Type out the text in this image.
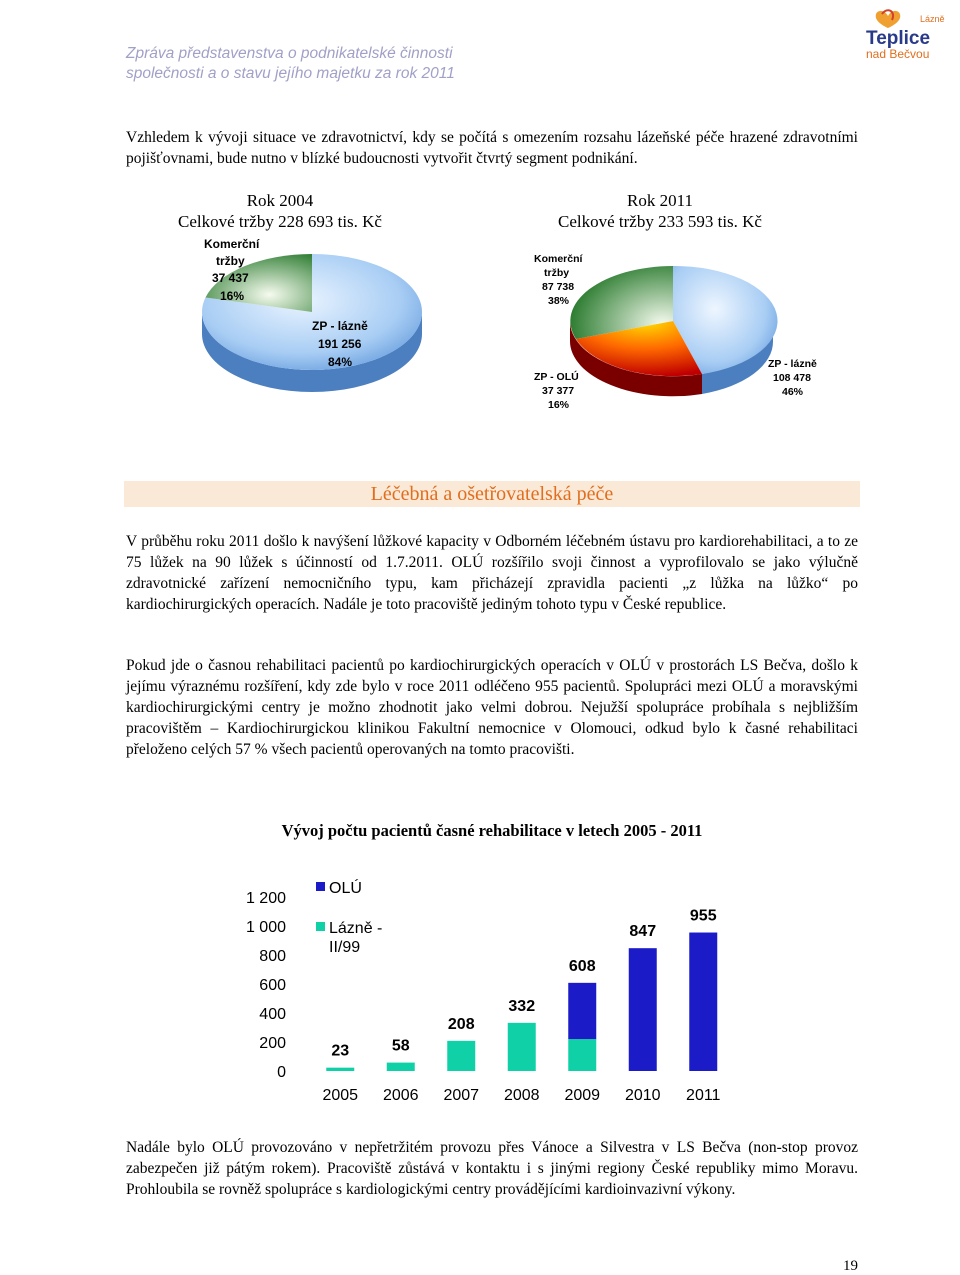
Zpráva představenstva o podnikatelské činnosti
společnosti a o stavu jejího majetku za rok 2011
Lázně
Teplice
nad Bečvou

Vzhledem k vývoji situace ve zdravotnictví, kdy se počítá s omezením rozsahu lázeňské péče hrazené zdravotními pojišťovnami, bude nutno v blízké budoucnosti vytvořit čtvrtý segment podnikání.

Rok 2004
Celkové tržby 228 693 tis. Kč
Rok 2011
Celkové tržby 233 593 tis. Kč
Komerční
tržby
37 437
16%
ZP - lázně
191 256
84%
Komerční
tržby
87 738
38%
ZP - OLÚ
37 377
16%
ZP - lázně
108 478
46%
Léčebná a ošetřovatelská péče

V průběhu roku 2011 došlo k navýšení lůžkové kapacity v Odborném léčebném ústavu pro kardiorehabilitaci, a to ze 75 lůžek na 90 lůžek s účinností od 1.7.2011. OLÚ rozšířilo svoji činnost a vyprofilovalo se jako výlučně zdravotnické zařízení nemocničního typu, kam přicházejí zpravidla pacienti „z lůžka na lůžko“ po kardiochirurgických operacích. Nadále je toto pracoviště jediným tohoto typu v České republice.

Pokud jde o časnou rehabilitaci pacientů po kardiochirurgických operacích v OLÚ v prostorách LS Bečva, došlo k jejímu výraznému rozšíření, kdy zde bylo v roce 2011 odléčeno 955 pacientů. Spolupráci mezi OLÚ a moravskými kardiochirurgickými centry je možno zhodnotit jako velmi dobrou. Nejužší spolupráce probíhala s nejbližším pracovištěm – Kardiochirurgickou klinikou Fakultní nemocnice v Olomouci, odkud bylo k časné rehabilitaci přeloženo celých 57 % všech pacientů operovaných na tomto pracovišti.

Vývoj počtu pacientů časné rehabilitace v letech 2005 - 2011
0
200
400
600
800
1 000
1 200
23	58
208
332
608
847
955
2005 2006 2007 2008 2009 2010 2011
OLÚ
Lázně -
II/99

Nadále bylo OLÚ provozováno v nepřetržitém provozu přes Vánoce a Silvestra v LS Bečva (non-stop provoz zabezpečen již pátým rokem). Pracoviště zůstává v kontaktu i s jinými regiony České republiky mimo Moravu. Prohloubila se rovněž spolupráce s kardiologickými centry provádějícími kardioinvazivní výkony.

19
